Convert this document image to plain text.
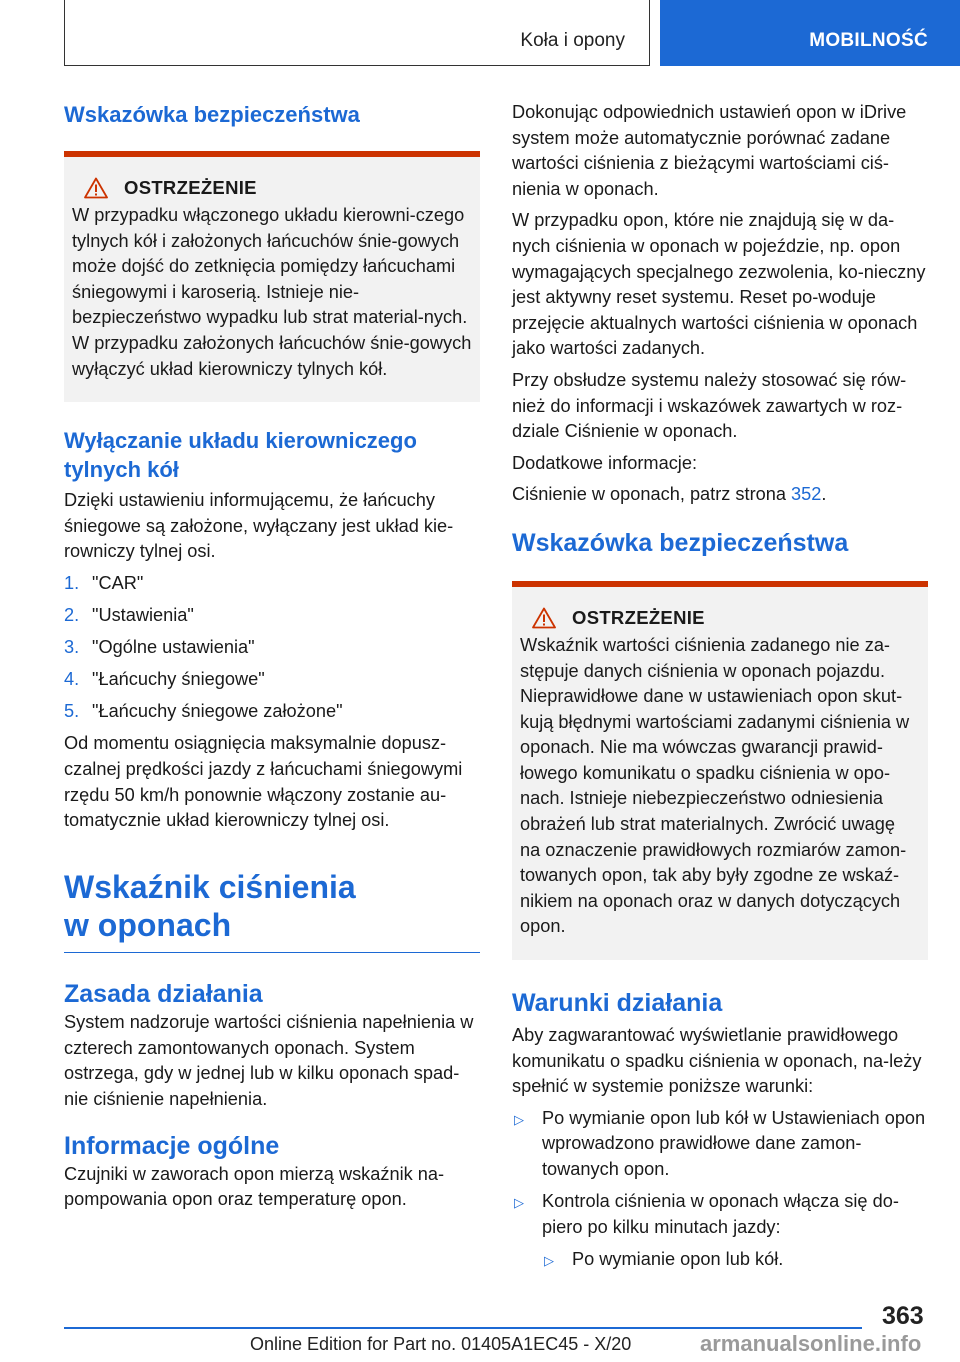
Koła i opony	MOBILNOŚĆ
Wskazówka bezpieczeństwa
OSTRZEŻENIE

W przypadku włączonego układu kierowni-czego tylnych kół i założonych łańcuchów śnie-gowych może dojść do zetknięcia pomiędzy łańcuchami śniegowymi i karoserią. Istnieje nie-bezpieczeństwo wypadku lub strat material-nych. W przypadku założonych łańcuchów śnie-gowych wyłączyć układ kierowniczy tylnych kół.

Wyłączanie układu kierowniczego tylnych kół

Dzięki ustawieniu informującemu, że łańcuchy śniegowe są założone, wyłączany jest układ kie-rowniczy tylnej osi.

1. "CAR"
2. "Ustawienia"
3. "Ogólne ustawienia"
4. "Łańcuchy śniegowe"
5. "Łańcuchy śniegowe założone"

Od momentu osiągnięcia maksymalnie dopusz-czalnej prędkości jazdy z łańcuchami śniegowymi rzędu 50 km/h ponownie włączony zostanie au-tomatycznie układ kierowniczy tylnej osi.

Wskaźnik ciśnienia
w oponach
Zasada działania

System nadzoruje wartości ciśnienia napełnienia w czterech zamontowanych oponach. System ostrzega, gdy w jednej lub w kilku oponach spad-nie ciśnienie napełnienia.

Informacje ogólne

Czujniki w zaworach opon mierzą wskaźnik na-pompowania opon oraz temperaturę opon.

Dokonując odpowiednich ustawień opon w iDrive system może automatycznie porównać zadane wartości ciśnienia z bieżącymi wartościami ciś-nienia w oponach.

W przypadku opon, które nie znajdują się w da-nych ciśnienia w oponach w pojeździe, np. opon wymagających specjalnego zezwolenia, ko-nieczny jest aktywny reset systemu. Reset po-woduje przejęcie aktualnych wartości ciśnienia w oponach jako wartości zadanych.

Przy obsłudze systemu należy stosować się rów-nież do informacji i wskazówek zawartych w roz-dziale Ciśnienie w oponach.

Dodatkowe informacje:

Ciśnienie w oponach, patrz strona 352.

Wskazówka bezpieczeństwa
OSTRZEŻENIE

Wskaźnik wartości ciśnienia zadanego nie za-stępuje danych ciśnienia w oponach pojazdu. Nieprawidłowe dane w ustawieniach opon skut-kują błędnymi wartościami zadanymi ciśnienia w oponach. Nie ma wówczas gwarancji prawid-łowego komunikatu o spadku ciśnienia w opo-nach. Istnieje niebezpieczeństwo odniesienia obrażeń lub strat materialnych. Zwrócić uwagę na oznaczenie prawidłowych rozmiarów zamon-towanych opon, tak aby były zgodne ze wskaź-nikiem na oponach oraz w danych dotyczących opon.

Warunki działania

Aby zagwarantować wyświetlanie prawidłowego komunikatu o spadku ciśnienia w oponach, na-leży spełnić w systemie poniższe warunki:

▷ Po wymianie opon lub kół w Ustawieniach opon wprowadzono prawidłowe dane zamon-towanych opon.
▷ Kontrola ciśnienia w oponach włącza się do-piero po kilku minutach jazdy:
▷ Po wymianie opon lub kół.
363
Online Edition for Part no. 01405A1EC45 - X/20	armanualsonline.info
